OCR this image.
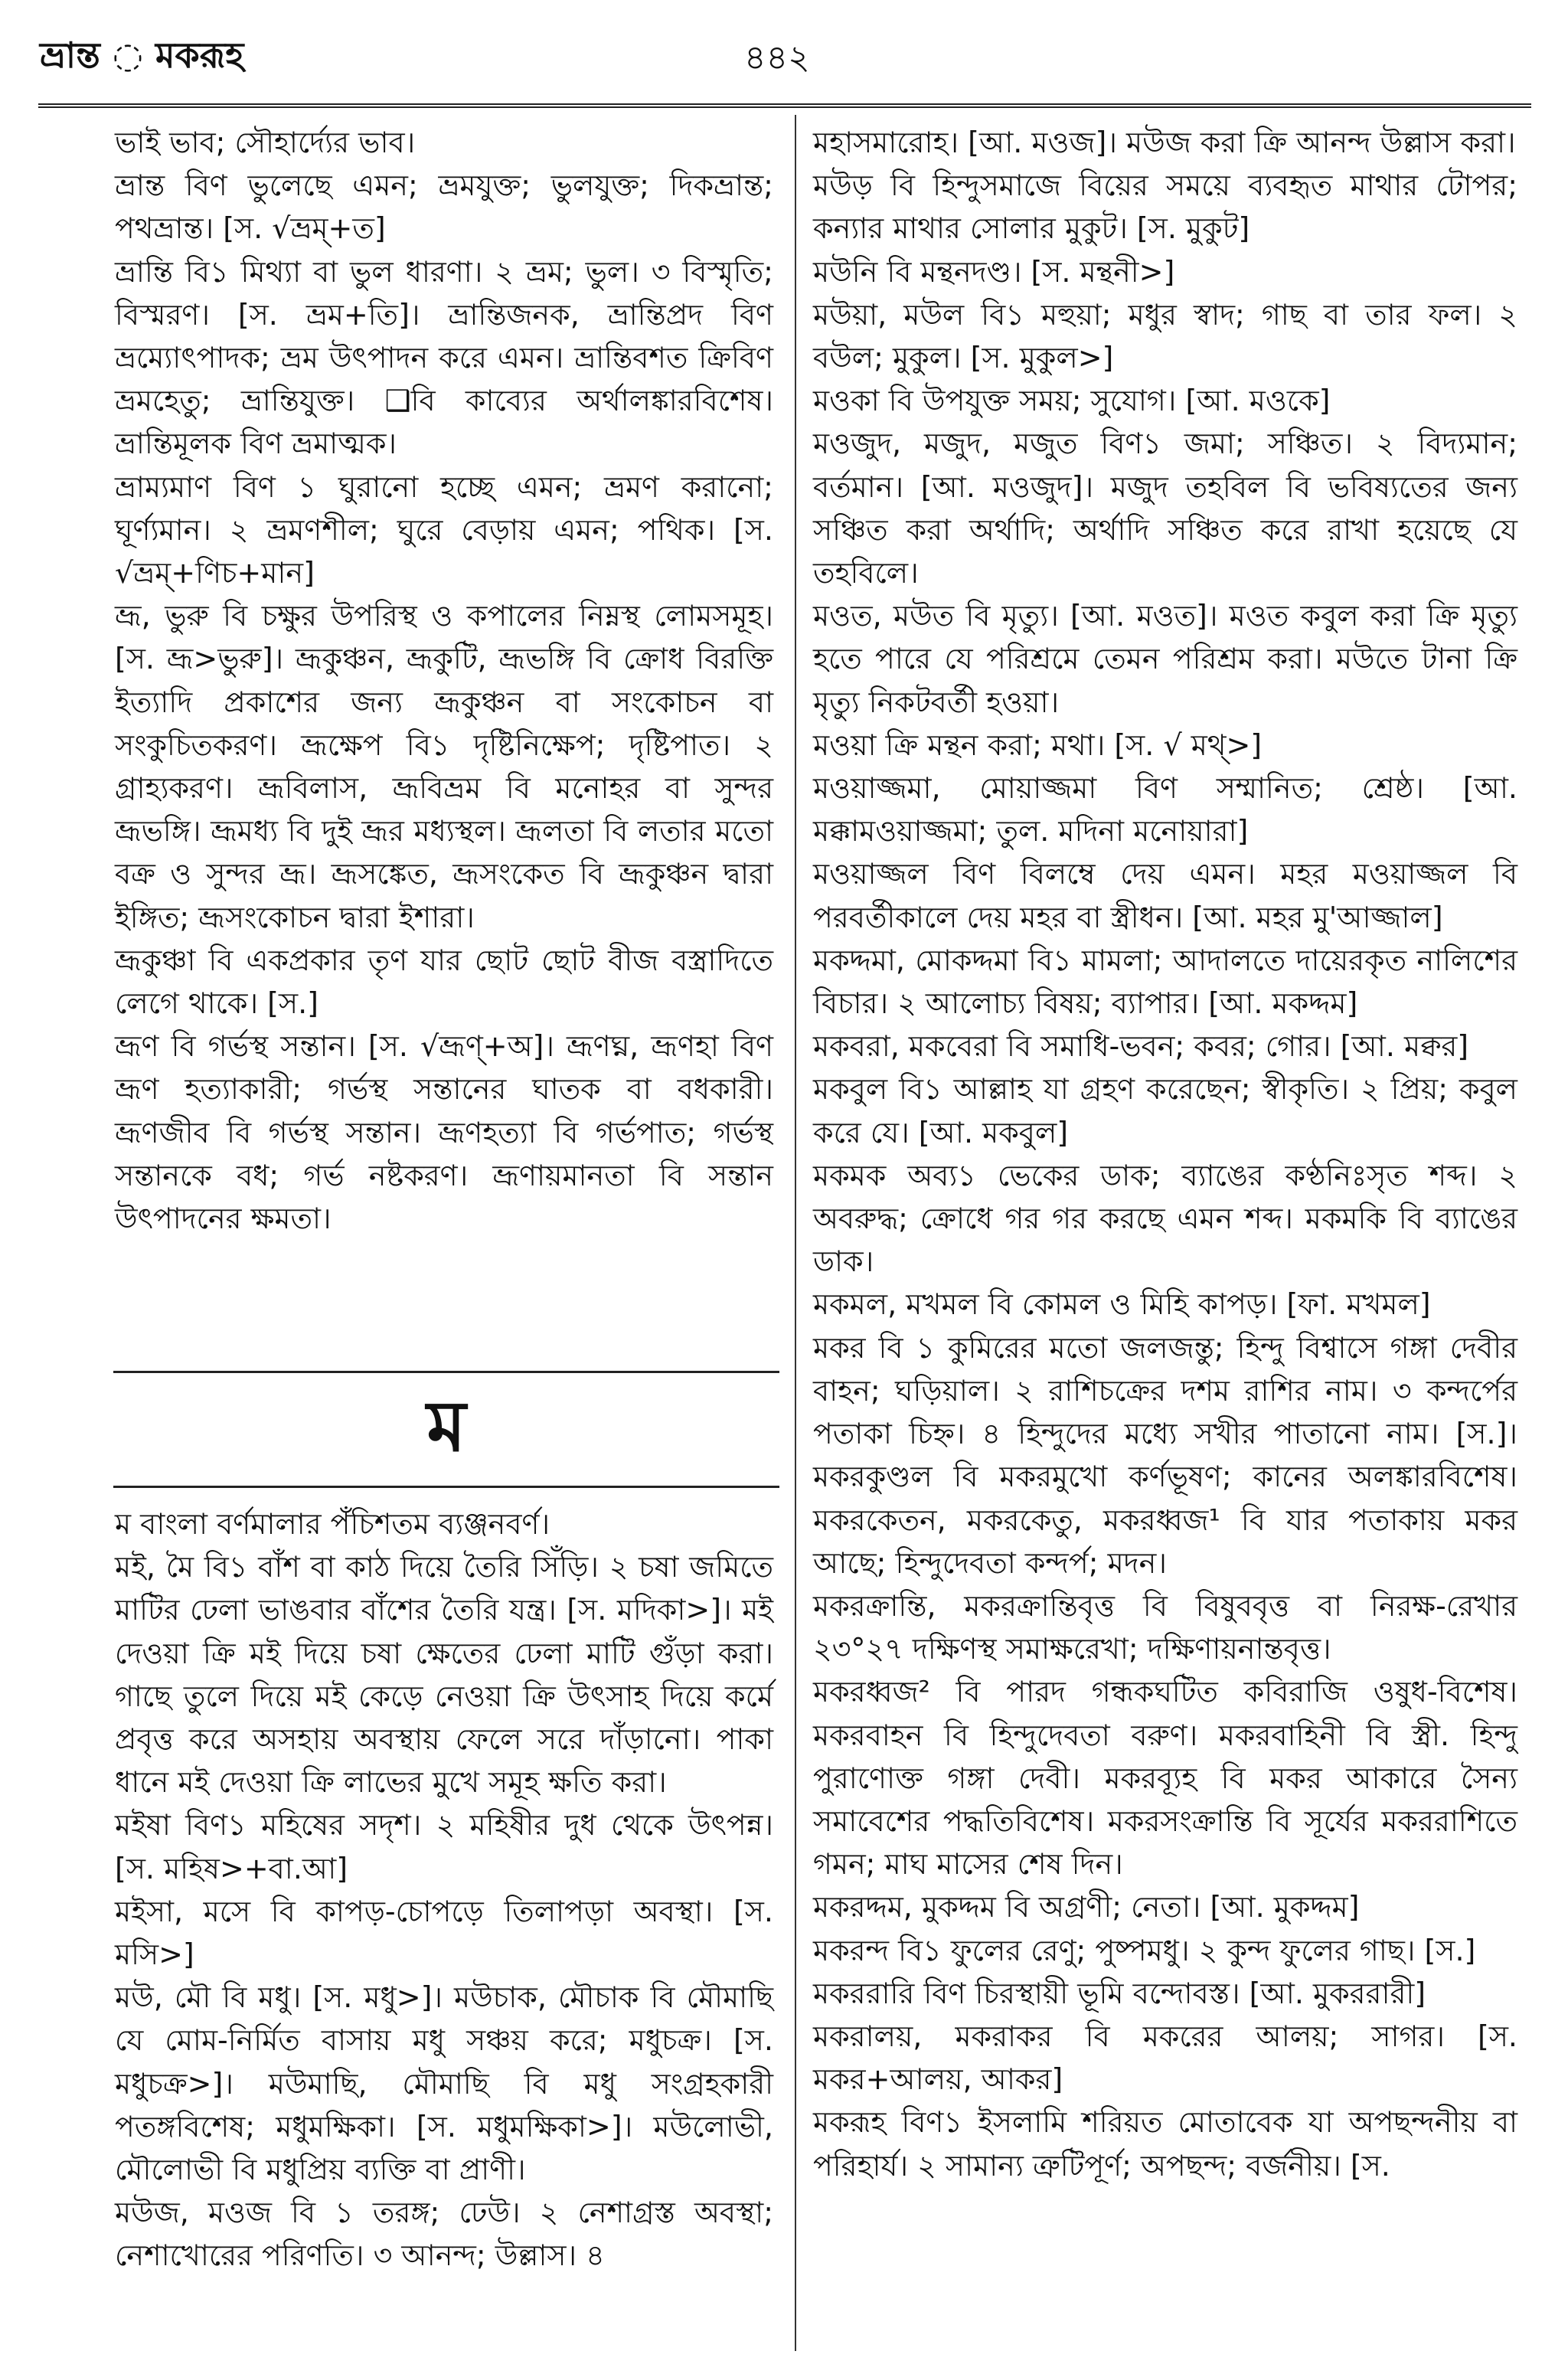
ভ্রান্ত ◌ মকরূহ	৪৪২

ভাই ভাব; সৌহার্দ্যের ভাব।

ভ্রান্ত বিণ ভুলেছে এমন; ভ্রমযুক্ত; ভুলযুক্ত; দিকভ্রান্ত; পথভ্রান্ত। [স. √ভ্রম্+ত]

ভ্রান্তি বি১ মিথ্যা বা ভুল ধারণা। ২ ভ্রম; ভুল। ৩ বিস্মৃতি; বিস্মরণ। [স. ভ্রম+তি]। ভ্রান্তিজনক, ভ্রান্তিপ্রদ বিণ ভ্রম্যোৎপাদক; ভ্রম উৎপাদন করে এমন। ভ্রান্তিবশত ক্রিবিণ ভ্রমহেতু; ভ্রান্তিযুক্ত। ❑বি কাব্যের অর্থালঙ্কারবিশেষ। ভ্রান্তিমূলক বিণ ভ্রমাত্মক।

ভ্রাম্যমাণ বিণ ১ ঘুরানো হচ্ছে এমন; ভ্রমণ করানো; ঘূর্ণ্যমান। ২ ভ্রমণশীল; ঘুরে বেড়ায় এমন; পথিক। [স. √ভ্রম্+ণিচ+মান]

ভ্রূ, ভুরু বি চক্ষুর উপরিস্থ ও কপালের নিম্নস্থ লোমসমূহ। [স. ভ্রূ>ভুরু]। ভ্রূকুঞ্চন, ভ্রূকুটি, ভ্রূভঙ্গি বি ক্রোধ বিরক্তি ইত্যাদি প্রকাশের জন্য ভ্রূকুঞ্চন বা সংকোচন বা সংকুচিতকরণ। ভ্রূক্ষেপ বি১ দৃষ্টিনিক্ষেপ; দৃষ্টিপাত। ২ গ্রাহ্যকরণ। ভ্রূবিলাস, ভ্রূবিভ্রম বি মনোহর বা সুন্দর ভ্রূভঙ্গি। ভ্রূমধ্য বি দুই ভ্রূর মধ্যস্থল। ভ্রূলতা বি লতার মতো বক্র ও সুন্দর ভ্রূ। ভ্রূসঙ্কেত, ভ্রূসংকেত বি ভ্রূকুঞ্চন দ্বারা ইঙ্গিত; ভ্রূসংকোচন দ্বারা ইশারা।

ভ্রূকুঞ্চা বি একপ্রকার তৃণ যার ছোট ছোট বীজ বস্ত্রাদিতে লেগে থাকে। [স.]

ভ্রূণ বি গর্ভস্থ সন্তান। [স. √ভ্রূণ্+অ]। ভ্রূণঘ্ন, ভ্রূণহা বিণ ভ্রূণ হত্যাকারী; গর্ভস্থ সন্তানের ঘাতক বা বধকারী। ভ্রূণজীব বি গর্ভস্থ সন্তান। ভ্রূণহত্যা বি গর্ভপাত; গর্ভস্থ সন্তানকে বধ; গর্ভ নষ্টকরণ। ভ্রূণায়মানতা বি সন্তান উৎপাদনের ক্ষমতা।

ম

ম বাংলা বর্ণমালার পঁচিশতম ব্যঞ্জনবর্ণ।

মই, মৈ বি১ বাঁশ বা কাঠ দিয়ে তৈরি সিঁড়ি। ২ চষা জমিতে মাটির ঢেলা ভাঙবার বাঁশের তৈরি যন্ত্র। [স. মদিকা>]। মই দেওয়া ক্রি মই দিয়ে চষা ক্ষেতের ঢেলা মাটি গুঁড়া করা। গাছে তুলে দিয়ে মই কেড়ে নেওয়া ক্রি উৎসাহ দিয়ে কর্মে প্রবৃত্ত করে অসহায় অবস্থায় ফেলে সরে দাঁড়ানো। পাকা ধানে মই দেওয়া ক্রি লাভের মুখে সমূহ ক্ষতি করা।

মইষা বিণ১ মহিষের সদৃশ। ২ মহিষীর দুধ থেকে উৎপন্ন। [স. মহিষ>+বা.আ]

মইসা, মসে বি কাপড়-চোপড়ে তিলাপড়া অবস্থা। [স. মসি>]

মউ, মৌ বি মধু। [স. মধু>]। মউচাক, মৌচাক বি মৌমাছি যে মোম-নির্মিত বাসায় মধু সঞ্চয় করে; মধুচক্র। [স. মধুচক্র>]। মউমাছি, মৌমাছি বি মধু সংগ্রহকারী পতঙ্গবিশেষ; মধুমক্ষিকা। [স. মধুমক্ষিকা>]। মউলোভী, মৌলোভী বি মধুপ্রিয় ব্যক্তি বা প্রাণী।

মউজ, মওজ বি ১ তরঙ্গ; ঢেউ। ২ নেশাগ্রস্ত অবস্থা; নেশাখোরের পরিণতি। ৩ আনন্দ; উল্লাস। ৪

মহাসমারোহ। [আ. মওজ]। মউজ করা ক্রি আনন্দ উল্লাস করা।

মউড় বি হিন্দুসমাজে বিয়ের সময়ে ব্যবহৃত মাথার টোপর; কন্যার মাথার সোলার মুকুট। [স. মুকুট]

মউনি বি মন্থনদণ্ড। [স. মন্থনী>]

মউয়া, মউল বি১ মহুয়া; মধুর স্বাদ; গাছ বা তার ফল। ২ বউল; মুকুল। [স. মুকুল>]

মওকা বি উপযুক্ত সময়; সুযোগ। [আ. মওকে]

মওজুদ, মজুদ, মজুত বিণ১ জমা; সঞ্চিত। ২ বিদ্যমান; বর্তমান। [আ. মওজুদ]। মজুদ তহবিল বি ভবিষ্যতের জন্য সঞ্চিত করা অর্থাদি; অর্থাদি সঞ্চিত করে রাখা হয়েছে যে তহবিলে।

মওত, মউত বি মৃত্যু। [আ. মওত]। মওত কবুল করা ক্রি মৃত্যু হতে পারে যে পরিশ্রমে তেমন পরিশ্রম করা। মউতে টানা ক্রি মৃত্যু নিকটবর্তী হওয়া।

মওয়া ক্রি মন্থন করা; মথা। [স. √ মথ্>]

মওয়াজ্জমা, মোয়াজ্জমা বিণ সম্মানিত; শ্রেষ্ঠ। [আ. মক্কামওয়াজ্জমা; তুল. মদিনা মনোয়ারা]

মওয়াজ্জল বিণ বিলম্বে দেয় এমন। মহর মওয়াজ্জল বি পরবর্তীকালে দেয় মহর বা স্ত্রীধন। [আ. মহর মু'আজ্জাল]

মকদ্দমা, মোকদ্দমা বি১ মামলা; আদালতে দায়েরকৃত নালিশের বিচার। ২ আলোচ্য বিষয়; ব্যাপার। [আ. মকদ্দম]

মকবরা, মকবেরা বি সমাধি-ভবন; কবর; গোর। [আ. মক্বর]

মকবুল বি১ আল্লাহ যা গ্রহণ করেছেন; স্বীকৃতি। ২ প্রিয়; কবুল করে যে। [আ. মকবুল]

মকমক অব্য১ ভেকের ডাক; ব্যাঙের কণ্ঠনিঃসৃত শব্দ। ২ অবরুদ্ধ; ক্রোধে গর গর করছে এমন শব্দ। মকমকি বি ব্যাঙের ডাক।

মকমল, মখমল বি কোমল ও মিহি কাপড়। [ফা. মখমল]

মকর বি ১ কুমিরের মতো জলজন্তু; হিন্দু বিশ্বাসে গঙ্গা দেবীর বাহন; ঘড়িয়াল। ২ রাশিচক্রের দশম রাশির নাম। ৩ কন্দর্পের পতাকা চিহ্ন। ৪ হিন্দুদের মধ্যে সখীর পাতানো নাম। [স.]। মকরকুণ্ডল বি মকরমুখো কর্ণভূষণ; কানের অলঙ্কারবিশেষ। মকরকেতন, মকরকেতু, মকরধ্বজ¹ বি যার পতাকায় মকর আছে; হিন্দুদেবতা কন্দর্প; মদন।

মকরক্রান্তি, মকরক্রান্তিবৃত্ত বি বিষুববৃত্ত বা নিরক্ষ-রেখার ২৩°২৭ দক্ষিণস্থ সমাক্ষরেখা; দক্ষিণায়নান্তবৃত্ত।

মকরধ্বজ² বি পারদ গন্ধকঘটিত কবিরাজি ওষুধ-বিশেষ। মকরবাহন বি হিন্দুদেবতা বরুণ। মকরবাহিনী বি স্ত্রী. হিন্দু পুরাণোক্ত গঙ্গা দেবী। মকরব্যূহ বি মকর আকারে সৈন্য সমাবেশের পদ্ধতিবিশেষ। মকরসংক্রান্তি বি সূর্যের মকররাশিতে গমন; মাঘ মাসের শেষ দিন।

মকরদ্দম, মুকদ্দম বি অগ্রণী; নেতা। [আ. মুকদ্দম]

মকরন্দ বি১ ফুলের রেণু; পুষ্পমধু। ২ কুন্দ ফুলের গাছ। [স.]

মকররারি বিণ চিরস্থায়ী ভূমি বন্দোবস্ত। [আ. মুকররারী]

মকরালয়, মকরাকর বি মকরের আলয়; সাগর। [স. মকর+আলয়, আকর]

মকরূহ বিণ১ ইসলামি শরিয়ত মোতাবেক যা অপছন্দনীয় বা পরিহার্য। ২ সামান্য ত্রুটিপূর্ণ; অপছন্দ; বর্জনীয়। [স.
